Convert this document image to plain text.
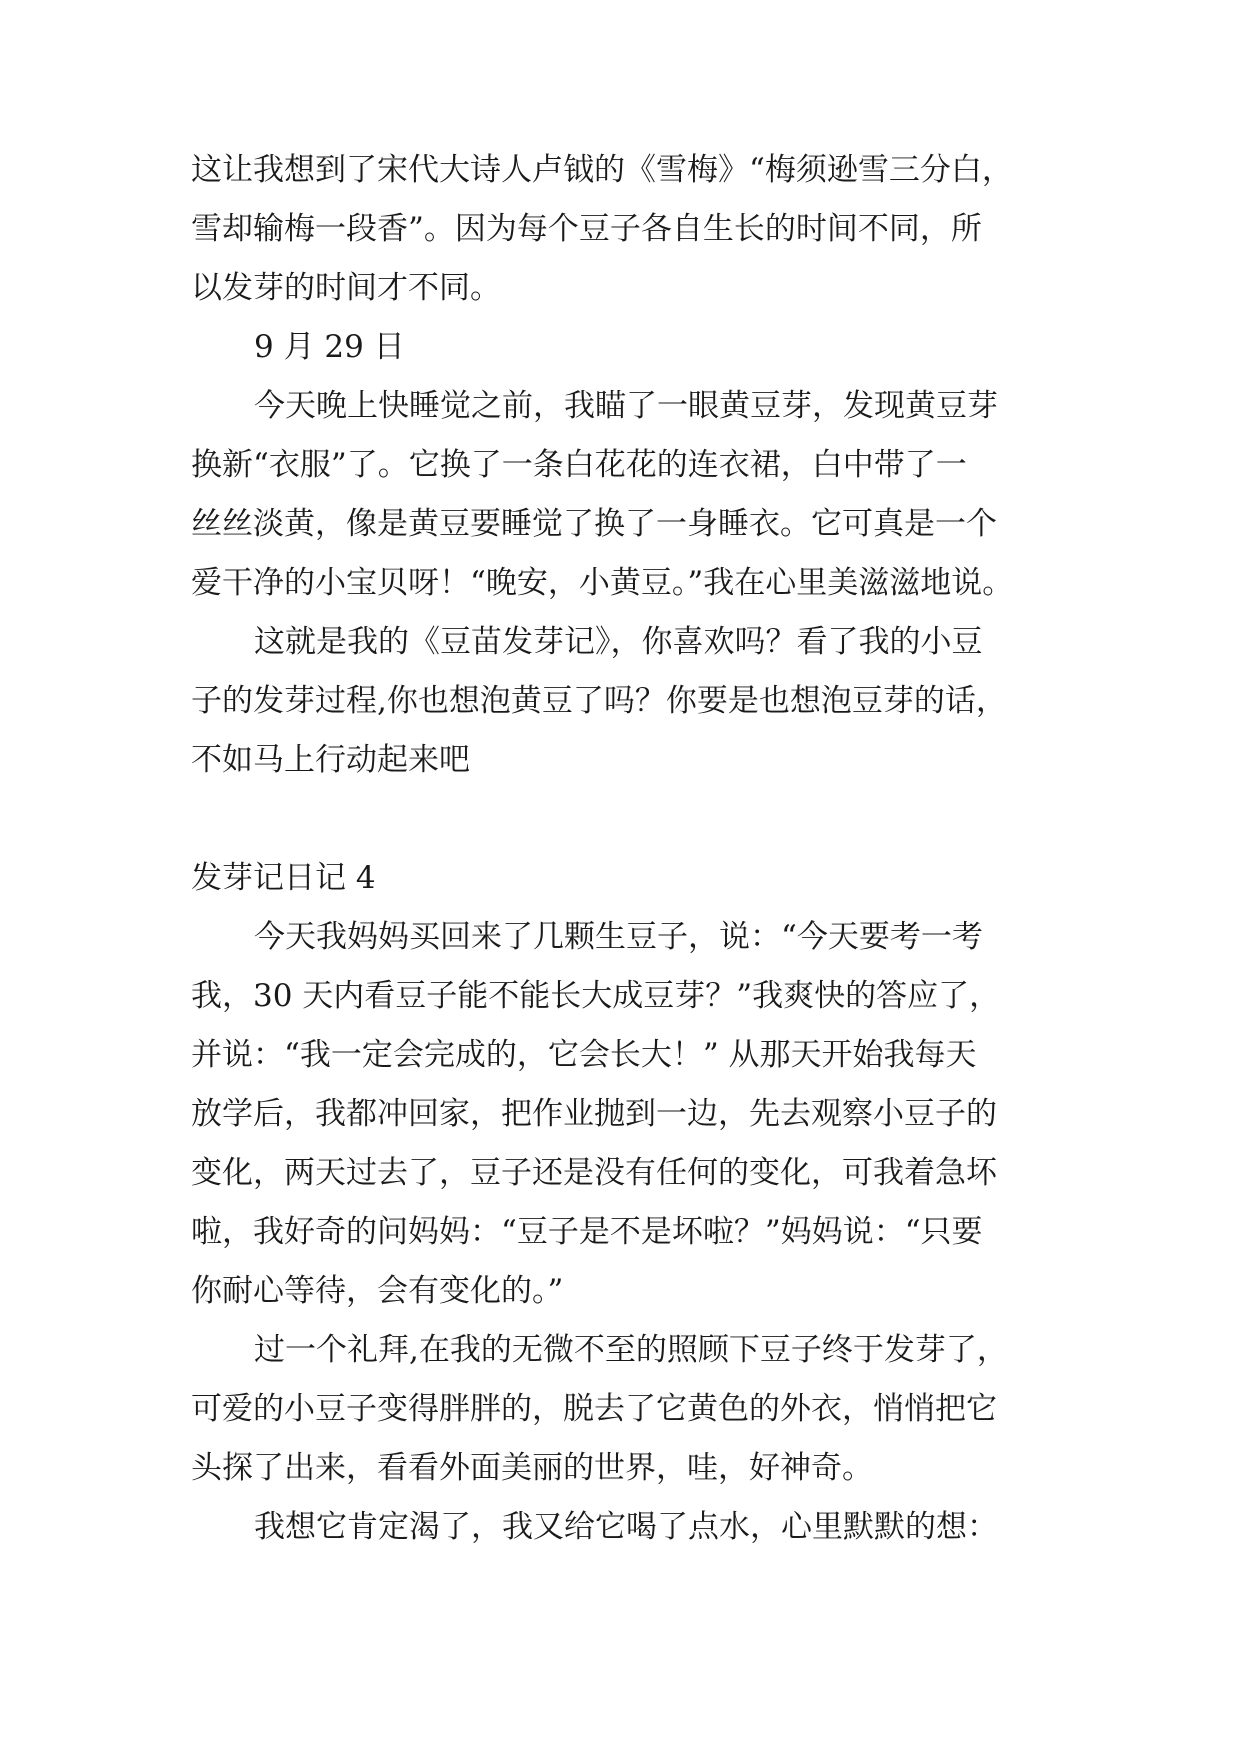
这让我想到了宋代大诗人卢钺的《雪梅》“梅须逊雪三分白，
雪却输梅一段香”。因为每个豆子各自生长的时间不同，所
以发芽的时间才不同。
9 月 29 日
今天晚上快睡觉之前，我瞄了一眼黄豆芽，发现黄豆芽
换新“衣服”了。它换了一条白花花的连衣裙，白中带了一
丝丝淡黄，像是黄豆要睡觉了换了一身睡衣。它可真是一个
爱干净的小宝贝呀！“晚安，小黄豆。”我在心里美滋滋地说。
这就是我的《豆苗发芽记》，你喜欢吗？看了我的小豆
子的发芽过程,你也想泡黄豆了吗？你要是也想泡豆芽的话，
不如马上行动起来吧
发芽记日记 4
今天我妈妈买回来了几颗生豆子，说：“今天要考一考
我，30 天内看豆子能不能长大成豆芽？”我爽快的答应了，
并说：“我一定会完成的，它会长大！” 从那天开始我每天
放学后，我都冲回家，把作业抛到一边，先去观察小豆子的
变化，两天过去了，豆子还是没有任何的变化，可我着急坏
啦，我好奇的问妈妈：“豆子是不是坏啦？”妈妈说：“只要
你耐心等待，会有变化的。”
过一个礼拜,在我的无微不至的照顾下豆子终于发芽了，
可爱的小豆子变得胖胖的，脱去了它黄色的外衣，悄悄把它
头探了出来，看看外面美丽的世界，哇，好神奇。
我想它肯定渴了，我又给它喝了点水，心里默默的想：
